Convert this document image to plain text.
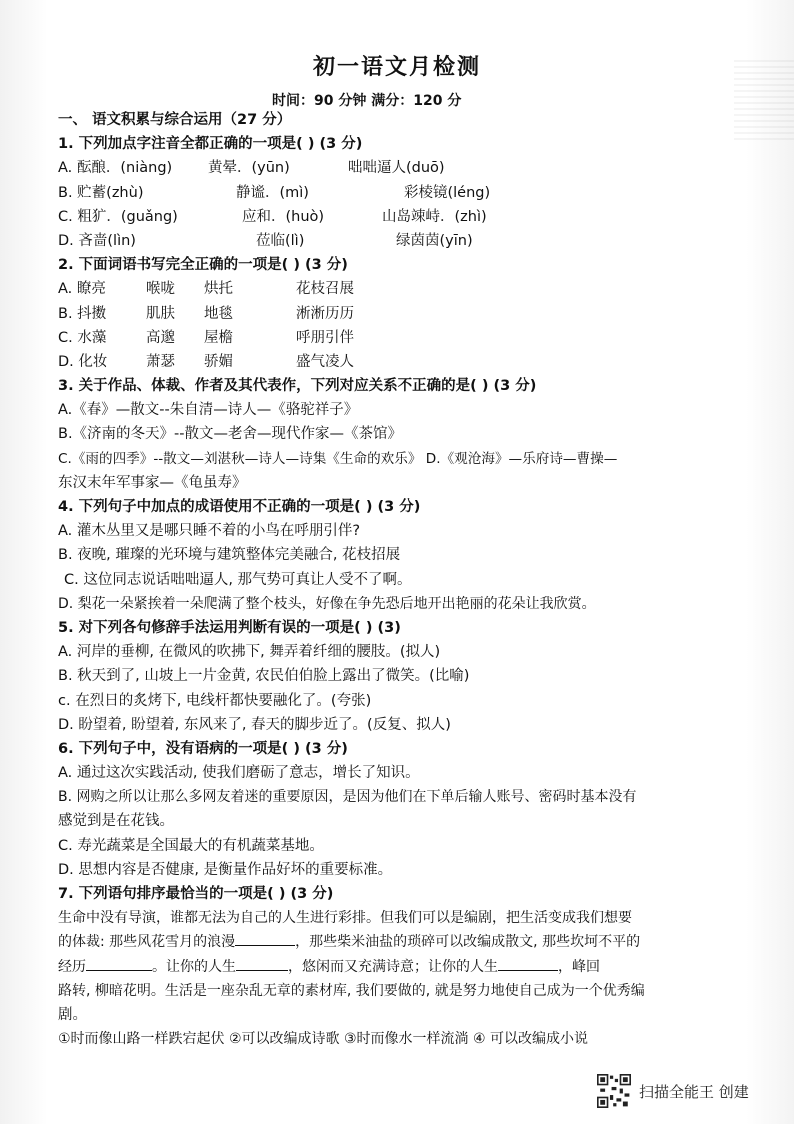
初一语文月检测
时间：90 分钟 满分：120 分
一、 语文积累与综合运用（27 分）
1. 下列加点字注音全都正确的一项是( ) (3 分)
A. 酝酿．(niàng)	黄晕．(yūn)	咄咄逼人(duō)
B. 贮蓄(zhù)	静谧．(mì)	彩棱镜(léng)
C. 粗犷．(guǎng)	应和．(huò)	山岛竦峙．(zhì)
D. 吝啬(lìn)	莅临(lì)	绿茵茵(yīn)
2. 下面词语书写完全正确的一项是( ) (3 分)
A. 瞭亮	喉咙	烘托	花枝召展
B. 抖擞	肌肤	地毯	淅淅历历
C. 水藻	高邈	屋檐	呼朋引伴
D. 化妆	萧瑟	骄媚	盛气凌人
3. 关于作品、体裁、作者及其代表作，下列对应关系不正确的是( ) (3 分)
A.《春》—散文--朱自清—诗人—《骆驼祥子》
B.《济南的冬天》--散文—老舍—现代作家—《茶馆》
C.《雨的四季》--散文—刘湛秋—诗人—诗集《生命的欢乐》 D.《观沧海》—乐府诗—曹操—
东汉末年军事家—《龟虽寿》
4. 下列句子中加点的成语使用不正确的一项是( ) (3 分)
A. 灌木丛里又是哪只睡不着的小鸟在呼朋引伴?
B. 夜晚, 璀璨的光环境与建筑整体完美融合, 花枝招展
C. 这位同志说话咄咄逼人, 那气势可真让人受不了啊。
D. 梨花一朵紧挨着一朵爬满了整个枝头，好像在争先恐后地开出艳丽的花朵让我欣赏。
5. 对下列各句修辞手法运用判断有误的一项是( ) (3)
A. 河岸的垂柳, 在微风的吹拂下, 舞弄着纤细的腰肢。(拟人)
B. 秋天到了, 山坡上一片金黄, 农民伯伯脸上露出了微笑。(比喻)
c. 在烈日的炙烤下, 电线杆都快要融化了。(夸张)
D. 盼望着, 盼望着, 东风来了, 春天的脚步近了。(反复、拟人)
6. 下列句子中，没有语病的一项是( ) (3 分)
A. 通过这次实践活动, 使我们磨砺了意志，增长了知识。
B. 网购之所以让那么多网友着迷的重要原因，是因为他们在下单后输人账号、密码时基本没有
感觉到是在花钱。
C. 寿光蔬菜是全国最大的有机蔬菜基地。
D. 思想内容是否健康, 是衡量作品好坏的重要标准。
7. 下列语句排序最恰当的一项是( ) (3 分)
生命中没有导演，谁都无法为自己的人生进行彩排。但我们可以是编剧，把生活变成我们想要
的体裁: 那些风花雪月的浪漫	，那些柴米油盐的琐碎可以改编成散文, 那些坎坷不平的
经历	。让你的人生	，悠闲而又充满诗意；让你的人生	，峰回
路转, 柳暗花明。生活是一座杂乱无章的素材库, 我们要做的, 就是努力地使自己成为一个优秀编
剧。
①时而像山路一样跌宕起伏 ②可以改编成诗歌 ③时而像水一样流淌 ④ 可以改编成小说
扫描全能王 创建
